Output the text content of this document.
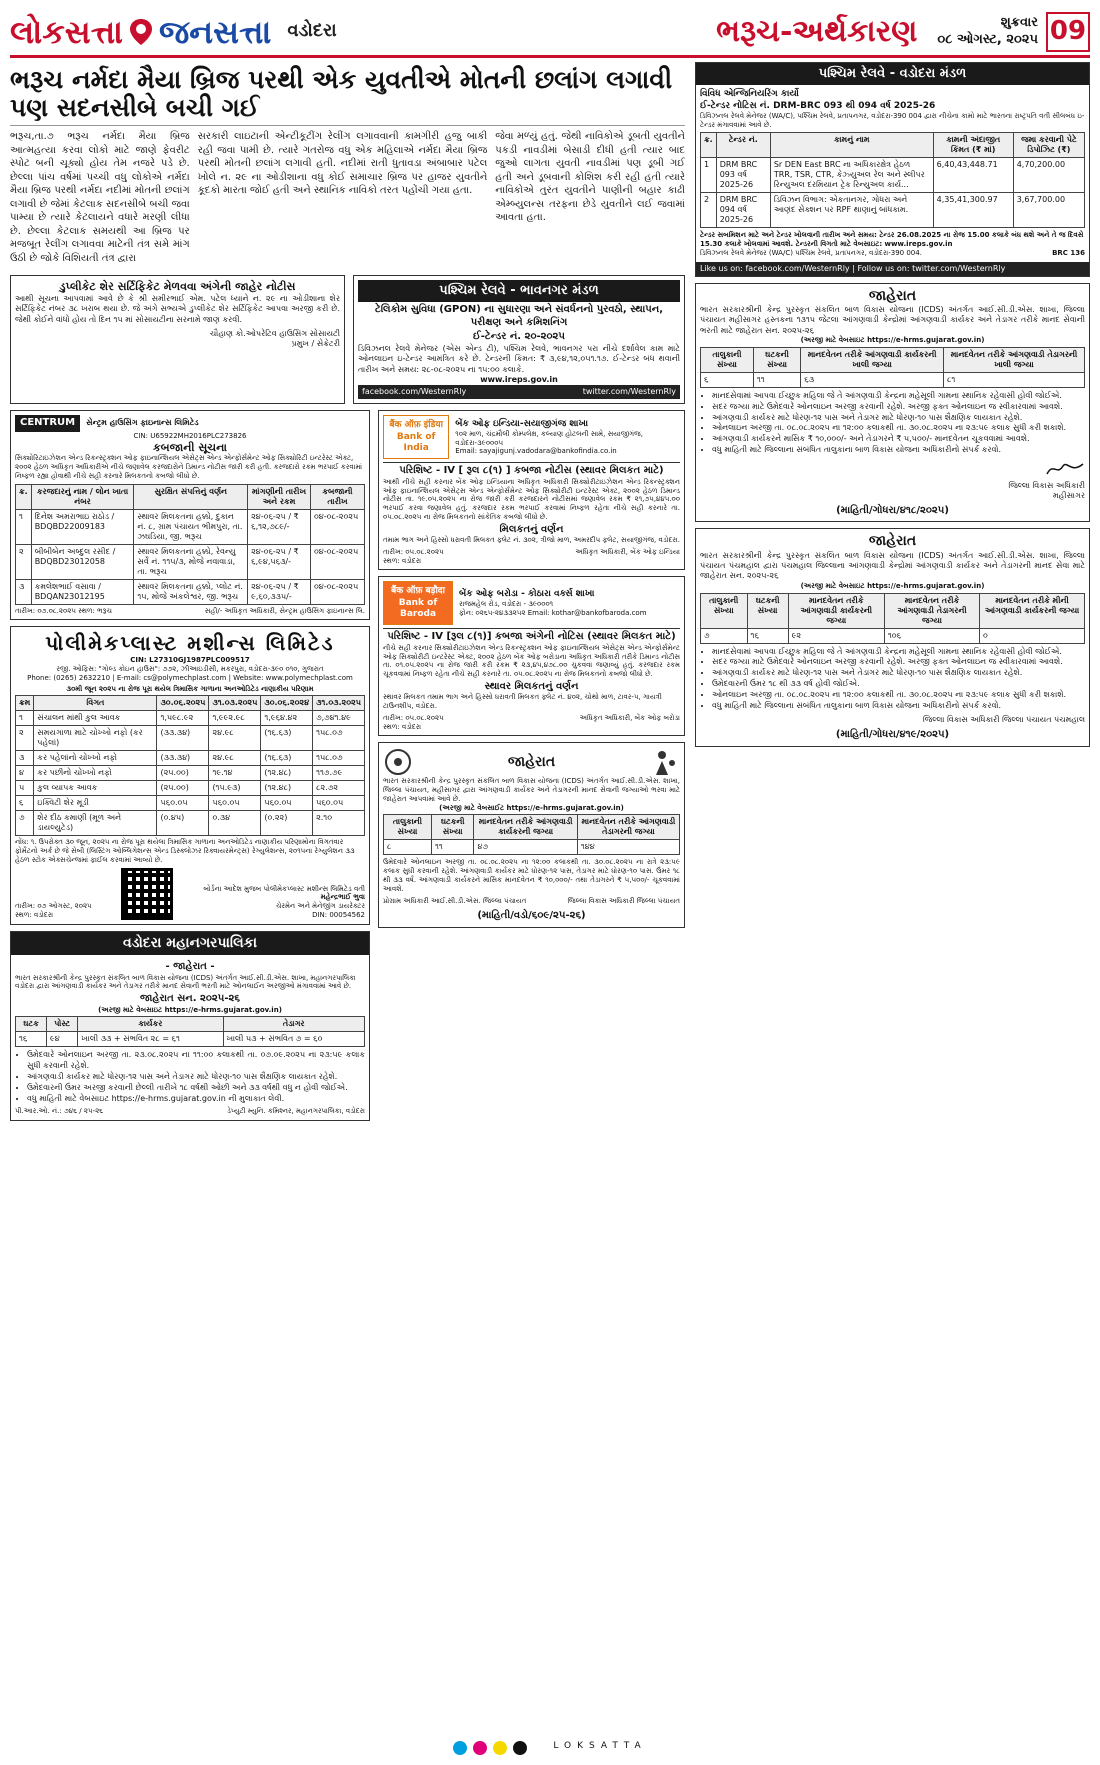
લોકસત્તા જનસત્તા વડોદરા	ભરૂચ-અર્થકારણ	શુક્રવાર
૦૮ ઓગસ્ટ, ૨૦૨૫ 09
ભરૂચ નર્મદા મૈયા બ્રિજ પરથી એક યુવતીએ મોતની છલાંગ લગાવી પણ સદનસીબે બચી ગઈ

ભરૂચ,તા.૭ ભરૂચ નર્મદા મૈયા બ્રિજ આત્મહત્યા કરવા લોકો માટે જાણે ફેવરીટ સ્પોટ બની ચૂક્યો હોય તેમ નજરે પડે છે. છેલ્લા પાંચ વર્ષમાં પચ્ચી વધુ લોકોએ નર્મદા મૈયા બ્રિજ પરથી નર્મદા નદીમાં મોતની છલાંગ લગાવી છે જેમાં કેટલાક સદનસીબે બચી જવા પામ્યા છે ત્યારે કેટલાયને વધારે મરણી લીધા છે. છેલ્લા કેટલાક સમયથી આ બ્રિજ પર મજબૂત રેલીંગ લગાવવા માટેની તંત્ર સમે માંગ ઉઠી છે જોકે વિશિયતી તંત્ર દ્વારા

સરકારી લાઇટાની એન્ટીકૂટીંગ રેલીંગ લગાવવાની કામગીરી હજુ બાકી રહી જવા પામી છે. ત્યારે ગતરોજ વધુ એક મહિલાએ નર્મદા મૈયા બ્રિજ પરથી મોતની છલાંગ લગાવી હતી. નદીમાં રાતી ધુતાવડા અંબાબાર પટેલ ખોલે ન. ૨૯ ના ઓડીશાના વધુ કોઈ સમાચાર બ્રિજ પર હાજર યુવતીને કૂદકો મારતા જોઈ હતી અને સ્થાનિક નાવિકો તરત પહોંચી ગયા હતા.

જેવા મળ્યું હતું. જેથી નાવિકોએ ડૂબતી યુવતીને પકડી નાવડીમાં બેસાડી દીધી હતી ત્યાર બાદ જુઓ લાગતા યુવતી નાવડીમાં પણ ડૂબી ગઈ હતી અને ડૂબવાની કોશિશ કરી રહી હતી ત્યારે નાવિકોએ તુરંત યુવતીને પાણીની બહાર કાઢી એમ્બ્યુલન્સ તરફના છેડે યુવતીને લઈ જવામાં આવતા હતા.

ડુપ્લીકેટ શેર સર્ટિફિકેટ મેળવવા અંગેની જાહેર નોટીસ

આથી સૂચના આપવામાં આવે છે કે શ્રી સમીરભાઈ એમ. પટેલ ધ્યાને ન. ૨૯ ના ઓડીશાના શેર સર્ટિફિકેટ નંબર ૩૮ ખરાબ થયા છે. જે અંગે સભ્યએ ડુપ્લીકેટ શેર સર્ટિફિકેટ આપવા અરજી કરી છે. જેથી કોઈને વાંધો હોય તો દિન ૧૫ માં સોસાયટીના સરનામે જાણ કરવી.

ચૌહાણ કો.ઓપરેટિવ હાઉસિંગ સોસાયટી
પ્રમુખ / સેક્રેટરી
પશ્ચિમ રેલવે - ભાવનગર મંડળ
ટેલિકોમ સુવિધા (GPON) ના સુધારણા અને સંવર્ધનનો પુરવઠો, સ્થાપન, પરીક્ષણ અને કમિશનિંગ
ઈ-ટેન્ડર નં. ૨૦-૨૦૨૫

ડિવિઝનલ રેલવે મેનેજર (એસ એન્ડ ટી), પશ્ચિમ રેલવે, ભાવનગર પરા નીચે દર્શાવેલ કામ માટે ઓનલાઇન ઇ-ટેન્ડર આમંત્રિત કરે છે. ટેન્ડરની કિંમત: ₹ ૩,૯૪,૧૨,૦૫૧.૧૭. ઈ-ટેન્ડર બંધ થવાની તારીખ અને સમય: ૨૮-૦૮-૨૦૨૫ ના ૧૫:૦૦ કલાકે.

www.ireps.gov.in
facebook.com/WesternRly	twitter.com/WesternRly
CENTRUM	સેન્ટ્રમ હાઉસિંગ ફાઇનાન્સ લિમિટેડ
CIN: U65922MH2016PLC273826
કબજાની સૂચના

સિક્યોરિટાઇઝેશન એન્ડ રિકન્સ્ટ્રક્શન ઓફ ફાઇનાન્શિયલ એસેટ્સ એન્ડ એન્ફોર્સમેન્ટ ઓફ સિક્યોરિટી ઇન્ટરેસ્ટ એક્ટ, ૨૦૦૨ હેઠળ અધિકૃત અધિકારીએ નીચે જણાવેલ કરજદારોને ડિમાન્ડ નોટીસ જારી કરી હતી. કરજદારો રકમ ભરપાઈ કરવામાં નિષ્ફળ રહ્યા હોવાથી નીચે સહી કરનારે મિલકતનો કબજો લીધો છે.

ક્ર.	કરજદારનું નામ / લોન ખાતા નંબર	સુરક્ષિત સંપત્તિનું વર્ણન	માંગણીની તારીખ અને રકમ	કબજાની તારીખ
૧	દિનેશ અમરાભાઇ રાઠોડ / BDQBD22009183	સ્થાવર મિલકતના હક્કો, દુકાન નં. ૮, ગ્રામ પંચાયત ભીમપુરા, તા. ઝઘડિયા, જી. ભરૂચ	૨૪-૦૬-૨૫ / ₹ ૬,૧૨,૭૮૯/-	૦૪-૦૮-૨૦૨૫
૨	બીબીબેન અબ્દુલ રસીદ / BDQBD23012058	સ્થાવર મિલકતના હક્કો, રેવન્યુ સર્વે નં. ૧૧૫/૩, મોજે નવાવાડા, તા. ભરૂચ	૨૪-૦૬-૨૫ / ₹ ૬,૯૪,૫૬૩/-	૦૪-૦૮-૨૦૨૫
૩	કમલેશભાઈ વસાવા / BDQAN23012195	સ્થાવર મિલકતના હક્કો, પ્લોટ નં. ૧૫, મોજે અંકલેશ્વર, જી. ભરૂચ	૨૪-૦૬-૨૫ / ₹ ૯,૬૦,૩૩૫/-	૦૪-૦૮-૨૦૨૫
તારીખ: ૦૭.૦૮.૨૦૨૫ સ્થળ: ભરૂચ	સહી/- અધિકૃત અધિકારી, સેન્ટ્રમ હાઉસિંગ ફાઇનાન્સ લિ.
પોલીમેકપ્લાસ્ટ મશીન્સ લિમિટેડ
CIN: L27310GJ1987PLC009517
રજી. ઓફિસ: "ગોલ્ડ કોઇન હાઉસ": ૭૭૨, ઝીઆઇડીસી, મકરપુરા, વડોદરા-૩૯૦ ૦૧૦, ગુજરાત
Phone: (0265) 2632210 | E-mail: cs@polymechplast.com | Website: www.polymechplast.com
૩૦મી જૂન ૨૦૨૫ ના રોજ પૂરા થયેલ ત્રિમાસિક ગાળાના અનઓડિટેડ નાણાકીય પરિણામ
ક્રમ	વિગત	૩૦.૦૬.૨૦૨૫	૩૧.૦૩.૨૦૨૫	૩૦.૦૬.૨૦૨૪	૩૧.૦૩.૨૦૨૫
૧	સંચાલન માંથી કુલ આવક	૧,૫૯૮.૯૨	૧,૯૯૨.૯૮	૧,૯૬૪.૪૨	૭,૭૪૧.૪૯
૨	સમયગાળા માટે ચોખ્ખો નફો (કર પહેલાં)	(૩૩.૩૪)	૨૪.૯૮	(૧૬.૬૩)	૧૫૮.૦૭
૩	કર પહેલાંનો ચોખ્ખો નફો	(૩૩.૩૪)	૨૪.૯૮	(૧૬.૬૩)	૧૫૮.૦૭
૪	કર પછીનો ચોખ્ખો નફો	(૨૫.૦૦)	૧૯.૧૪	(૧૨.૪૮)	૧૧૭.૭૯
૫	કુલ વ્યાપક આવક	(૨૫.૦૦)	(૧૫.૯૩)	(૧૨.૪૮)	૮૨.૭૨
૬	ઇક્વિટી શેર મૂડી	૫૬૦.૦૫	૫૬૦.૦૫	૫૬૦.૦૫	૫૬૦.૦૫
૭	શેર દીઠ કમાણી (મૂળ અને ડાયલ્યુટેડ)	(૦.૪૫)	૦.૩૪	(૦.૨૨)	૨.૧૦

નોંધ: ૧. ઉપરોક્ત ૩૦ જૂન, ૨૦૨૫ ના રોજ પૂરા થયેલા ત્રિમાસિક ગાળાના અનઓડિટેડ નાણાકીય પરિણામોના વિગતવાર ફોર્મેટનો અર્ક છે જે સેબી (લિસ્ટિંગ ઓબ્લિગેશન્સ એન્ડ ડિસ્ક્લોઝર રિક્વાયરમેન્ટ્સ) રેગ્યુલેશન્સ, ૨૦૧૫ના રેગ્યુલેશન ૩૩ હેઠળ સ્ટોક એક્સચેન્જમાં ફાઈલ કરવામાં આવ્યો છે.

તારીખ: ૦૭ ઓગસ્ટ, ૨૦૨૫
સ્થળ: વડોદરા
બોર્ડના આદેશ મુજબ પોલીમેકપ્લાસ્ટ મશીન્સ લિમિટેડ વતી
મહેન્દ્રભાઈ ભુવા
ચેરમેન અને મેનેજીંગ ડાયરેક્ટર
DIN: 00054562
વડોદરા મહાનગરપાલિકા
- જાહેરાત -

ભારત સરકારશ્રીની કેન્દ્ર પુરસ્કૃત સંકલિત બાળ વિકાસ યોજના (ICDS) અંતર્ગત આઈ.સી.ડી.એસ. શાખા, મહાનગરપાલિકા વડોદરા દ્વારા આંગણવાડી કાર્યકર અને તેડાગર તરીકે માનદ સેવાની ભરતી માટે ઓનલાઈન અરજીઓ મંગાવવામાં આવે છે.

જાહેરાત સન. ૨૦૨૫-૨૬
(અરજી માટે વેબસાઇટ https://e-hrms.gujarat.gov.in)
ઘટક	પોસ્ટ	કાર્યકર	તેડાગર
૧૬	૯૪	ખાલી ૩૩ + સંભવિત ૨૮ = ૬૧	ખાલી ૫૩ + સંભવિત ૭ = ૬૦
• ઉમેદવારે ઓનલાઇન અરજી તા. ૨૩.૦૮.૨૦૨૫ ના ૧૧:૦૦ કલાકથી તા. ૦૭.૦૯.૨૦૨૫ ના ૨૩:૫૯ કલાક સુધી કરવાની રહેશે.
• આંગણવાડી કાર્યકર માટે ધોરણ-૧૨ પાસ અને તેડાગર માટે ધોરણ-૧૦ પાસ શૈક્ષણિક લાયકાત રહેશે.
• ઉમેદવારની ઉંમર અરજી કરવાની છેલ્લી તારીખે ૧૮ વર્ષથી ઓછી અને ૩૩ વર્ષથી વધુ ન હોવી જોઈએ.
• વધુ માહિતી માટે વેબસાઇટ https://e-hrms.gujarat.gov.in ની મુલાકાત લેવી.
પી.આર.ઓ. નં.: ૭૪૬ / ૨૫-૨૬	ડેપ્યુટી મ્યુનિ. કમિશ્નર, મહાનગરપાલિકા, વડોદરા
बैंक ऑफ़ इंडिया Bank of India
બેંક ઓફ ઇન્ડિયા-સયાજીગંજ શાખા
૧૦૨ માળ, ચંદ્રમૌલી કોમ્પલેક્ષ, કલ્યાણ હોટલની સામે, સયાજીગંજ, વડોદરા-૩૯૦૦૦૫
Email: sayajigunj.vadodara@bankofindia.co.in
પરિશિષ્ટ - IV [ રૂલ ૮(૧) ] કબજા નોટીસ (સ્થાવર મિલકત માટે)

આથી નીચે સહી કરનાર બેંક ઓફ ઇન્ડિયાના અધિકૃત અધિકારી સિક્યોરીટાઇઝેશન એન્ડ રિકન્સ્ટ્રક્શન ઓફ ફાઇનાન્શિયલ એસેટ્સ એન્ડ એન્ફોર્સમેન્ટ ઓફ સિક્યોરીટી ઇન્ટરેસ્ટ એક્ટ, ૨૦૦૨ હેઠળ ડિમાન્ડ નોટીસ તા. ૧૯.૦૫.૨૦૨૫ ના રોજ જારી કરી કરજદારને નોટીસમાં જણાવેલ રકમ ₹ ૨૧,૭૫,૪૪૫.૦૦ ભરપાઈ કરવા જણાવેલ હતું. કરજદાર રકમ ભરપાઈ કરવામાં નિષ્ફળ રહેતા નીચે સહી કરનારે તા. ૦૫.૦૮.૨૦૨૫ ના રોજ મિલકતનો સાંકેતિક કબજો લીધો છે.

મિલકતનું વર્ણન

તમામ ભાગ અને હિસ્સો ધરાવતી મિલકત ફ્લેટ નં. ૩૦૨, ત્રીજો માળ, અમરદીપ ફ્લેટ, સયાજીગંજ, વડોદરા.

તારીખ: ૦૫.૦૮.૨૦૨૫
સ્થળ: વડોદરા
અધિકૃત અધિકારી, બેંક ઓફ ઇન્ડિયા
बैंक ऑफ़ बड़ौदा Bank of Baroda
બેંક ઓફ બરોડા - કોઠારા વર્ક્સ શાખા
રાજમહેલ રોડ, વડોદરા - ૩૯૦૦૦૧
ફોન: ૦૨૬૫-૨૪૩૩૨૫૨ Email: kothar@bankofbaroda.com
પરિશિષ્ટ - IV [રૂલ ૮(૧)] કબજા અંગેની નોટિસ (સ્થાવર મિલકત માટે)

નીચે સહી કરનાર સિક્યોરીટાઇઝેશન એન્ડ રિકન્સ્ટ્રક્શન ઓફ ફાઇનાન્શિયલ એસેટ્સ એન્ડ એન્ફોર્સમેન્ટ ઓફ સિક્યોરીટી ઇન્ટરેસ્ટ એક્ટ, ૨૦૦૨ હેઠળ બેંક ઓફ બરોડાના અધિકૃત અધિકારી તરીકે ડિમાન્ડ નોટીસ તા. ૦૧.૦૫.૨૦૨૫ ના રોજ જારી કરી રકમ ₹ ૨૩,૪૫,૪૭૮.૦૦ ચુકવવા જણાવ્યું હતું. કરજદાર રકમ ચૂકવવામાં નિષ્ફળ રહેતા નીચે સહી કરનારે તા. ૦૫.૦૮.૨૦૨૫ ના રોજ મિલકતનો કબજો લીધો છે.

સ્થાવર મિલકતનું વર્ણન

સ્થાવર મિલકત તમામ ભાગ અને હિસ્સો ધરાવતી મિલકત ફ્લેટ નં. ૪૦૨, ચોથો માળ, ટાવર-૫, ગાયત્રી ટાઉનશીપ, વડોદરા.

તારીખ: ૦૫.૦૮.૨૦૨૫
સ્થળ: વડોદરા
અધિકૃત અધિકારી, બેંક ઓફ બરોડા
જાહેરાત

ભારત સરકારશ્રીની કેન્દ્ર પુરસ્કૃત સંકલિત બાળ વિકાસ યોજના (ICDS) અંતર્ગત આઈ.સી.ડી.એસ. શાખા, જિલ્લા પંચાયત, મહીસાગર દ્વારા આંગણવાડી કાર્યકર અને તેડાગરની માનદ સેવાની જગ્યાઓ ભરવા માટે જાહેરાત આપવામાં આવે છે.

(અરજી માટે વેબસાઈટ https://e-hrms.gujarat.gov.in)
તાલુકાની સંખ્યા	ઘટકની સંખ્યા	માનદવેતન તરીકે આંગણવાડી કાર્યકરની જગ્યા	માનદવેતન તરીકે આંગણવાડી તેડાગરની જગ્યા
૮	૧૧	૪૭	૧૪૪

ઉમેદવારે ઓનલાઇન અરજી તા. ૦૮.૦૮.૨૦૨૫ ના ૧૨:૦૦ કલાકથી તા. ૩૦.૦૮.૨૦૨૫ ના રાત્રે ૨૩:૫૯ કલાક સુધી કરવાની રહેશે. આંગણવાડી કાર્યકર માટે ધોરણ-૧૨ પાસ, તેડાગર માટે ધોરણ-૧૦ પાસ. ઉંમર ૧૮ થી ૩૩ વર્ષ. આંગણવાડી કાર્યકરને માસિક માનદવેતન ₹ ૧૦,૦૦૦/- તથા તેડાગરને ₹ ૫,૫૦૦/- ચૂકવવામાં આવશે.

પ્રોગ્રામ અધિકારી આઈ.સી.ડી.એસ. જિલ્લા પંચાયત	જિલ્લા વિકાસ અધિકારી જિલ્લા પંચાયત
(માહિતી/વડો/૬૦૯/૨૫-૨૬)
પશ્ચિમ રેલવે - વડોદરા મંડળ
વિવિધ એન્જિનિયરિંગ કાર્યો
ઈ-ટેન્ડર નોટિસ નં. DRM-BRC 093 થી 094 વર્ષ 2025-26

ડિવિઝનલ રેલવે મેનેજર (WA/C), પશ્ચિમ રેલવે, પ્રતાપનગર, વડોદરા-390 004 દ્વારા નીચેના કામો માટે ભારતના રાષ્ટ્રપતિ વતી સીલબંધ ઇ-ટેન્ડર મંગાવવામાં આવે છે.

ક્ર.	ટેન્ડર નં.	કામનું નામ	કામની અંદાજીત કિંમત (₹ માં)	જમા કરવાની પેટે ડિપોઝિટ (₹)
1	DRM BRC 093 વર્ષ 2025-26	Sr DEN East BRC ના અધિકારક્ષેત્ર હેઠળ TRR, TSR, CTR, કેઝ્યુઅલ રેલ અને સ્લીપર રિન્યુઅલ દરમિયાન ટ્રેક રિન્યુઅલ કાર્ય...	6,40,43,448.71	4,70,200.00
2	DRM BRC 094 વર્ષ 2025-26	ડિવિઝન વિભાગ: એકતાનગર, ગોધરા અને આણંદ સેક્શન પર RPF થાણાનું બાંધકામ.	4,35,41,300.97	3,67,700.00

ટેન્ડર સબમિશન માટે અને ટેન્ડર ખોલવાની તારીખ અને સમય: ટેન્ડર 26.08.2025 ના રોજ 15.00 કલાકે બંધ થશે અને તે જ દિવસે 15.30 કલાકે ખોલવામાં આવશે. ટેન્ડરની વિગતો માટે વેબસાઇટ: www.ireps.gov.in

ડિવિઝનલ રેલવે મેનેજર (WA/C) પશ્ચિમ રેલવે, પ્રતાપનગર, વડોદરા-390 004.	BRC 136
Like us on: facebook.com/WesternRly | Follow us on: twitter.com/WesternRly
જાહેરાત

ભારત સરકારશ્રીની કેન્દ્ર પુરસ્કૃત સંકલિત બાળ વિકાસ યોજના (ICDS) અંતર્ગત આઈ.સી.ડી.એસ. શાખા, જિલ્લા પંચાયત મહીસાગર હસ્તકના ૧૩૧૫ જેટલા આંગણવાડી કેન્દ્રોમાં આંગણવાડી કાર્યકર અને તેડાગર તરીકે માનદ સેવાની ભરતી માટે જાહેરાત સન. ૨૦૨૫-૨૬

(અરજી માટે વેબસાઇટ https://e-hrms.gujarat.gov.in)
તાલુકાની સંખ્યા	ઘટકની સંખ્યા	માનદવેતન તરીકે આંગણવાડી કાર્યકરની ખાલી જગ્યા	માનદવેતન તરીકે આંગણવાડી તેડાગરની ખાલી જગ્યા
૬	૧૧	૬૩	૮૧
• માનદસેવામાં આપવા ઈચ્છુક મહિલા જે તે આંગણવાડી કેન્દ્રના મહેસૂલી ગામના સ્થાનિક રહેવાસી હોવી જોઈએ.
• સદર જગ્યા માટે ઉમેદવારે ઓનલાઇન અરજી કરવાની રહેશે. અરજી ફક્ત ઓનલાઇન જ સ્વીકારવામાં આવશે.
• આંગણવાડી કાર્યકર માટે ધોરણ-૧૨ પાસ અને તેડાગર માટે ધોરણ-૧૦ પાસ શૈક્ષણિક લાયકાત રહેશે.
• ઓનલાઇન અરજી તા. ૦૮.૦૮.૨૦૨૫ ના ૧૨:૦૦ કલાકથી તા. ૩૦.૦૮.૨૦૨૫ ના ૨૩:૫૯ કલાક સુધી કરી શકાશે.
• આંગણવાડી કાર્યકરને માસિક ₹ ૧૦,૦૦૦/- અને તેડાગરને ₹ ૫,૫૦૦/- માનદવેતન ચૂકવવામાં આવશે.
• વધુ માહિતી માટે જિલ્લાના સંબંધિત તાલુકાના બાળ વિકાસ યોજના અધિકારીનો સંપર્ક કરવો.
જિલ્લા વિકાસ અધિકારી
મહીસાગર
(માહિતી/ગોધરા/૪૧૮/૨૦૨૫)
જાહેરાત

ભારત સરકારશ્રીની કેન્દ્ર પુરસ્કૃત સંકલિત બાળ વિકાસ યોજના (ICDS) અંતર્ગત આઈ.સી.ડી.એસ. શાખા, જિલ્લા પંચાયત પંચમહાલ દ્વારા પંચમહાલ જિલ્લાના આંગણવાડી કેન્દ્રોમાં આંગણવાડી કાર્યકર અને તેડાગરની માનદ સેવા માટે જાહેરાત સન. ૨૦૨૫-૨૬

(અરજી માટે વેબસાઇટ https://e-hrms.gujarat.gov.in)
તાલુકાની સંખ્યા	ઘટકની સંખ્યા	માનદવેતન તરીકે આંગણવાડી કાર્યકરની જગ્યા	માનદવેતન તરીકે આંગણવાડી તેડાગરની જગ્યા	માનદવેતન તરીકે મીની આંગણવાડી કાર્યકરની જગ્યા
૭	૧૬	૯૨	૧૦૬	૦
• માનદસેવામાં આપવા ઈચ્છુક મહિલા જે તે આંગણવાડી કેન્દ્રના મહેસૂલી ગામના સ્થાનિક રહેવાસી હોવી જોઈએ.
• સદર જગ્યા માટે ઉમેદવારે ઓનલાઇન અરજી કરવાની રહેશે. અરજી ફક્ત ઓનલાઇન જ સ્વીકારવામાં આવશે.
• આંગણવાડી કાર્યકર માટે ધોરણ-૧૨ પાસ અને તેડાગર માટે ધોરણ-૧૦ પાસ શૈક્ષણિક લાયકાત રહેશે.
• ઉમેદવારની ઉંમર ૧૮ થી ૩૩ વર્ષ હોવી જોઈએ.
• ઓનલાઇન અરજી તા. ૦૮.૦૮.૨૦૨૫ ના ૧૨:૦૦ કલાકથી તા. ૩૦.૦૮.૨૦૨૫ ના ૨૩:૫૯ કલાક સુધી કરી શકાશે.
• વધુ માહિતી માટે જિલ્લાના સંબંધિત તાલુકાના બાળ વિકાસ યોજના અધિકારીનો સંપર્ક કરવો.
જિલ્લા વિકાસ અધિકારી જિલ્લા પંચાયત પંચમહાલ
(માહિતી/ગોધરા/૪૧૯/૨૦૨૫)
LOKSATTA
